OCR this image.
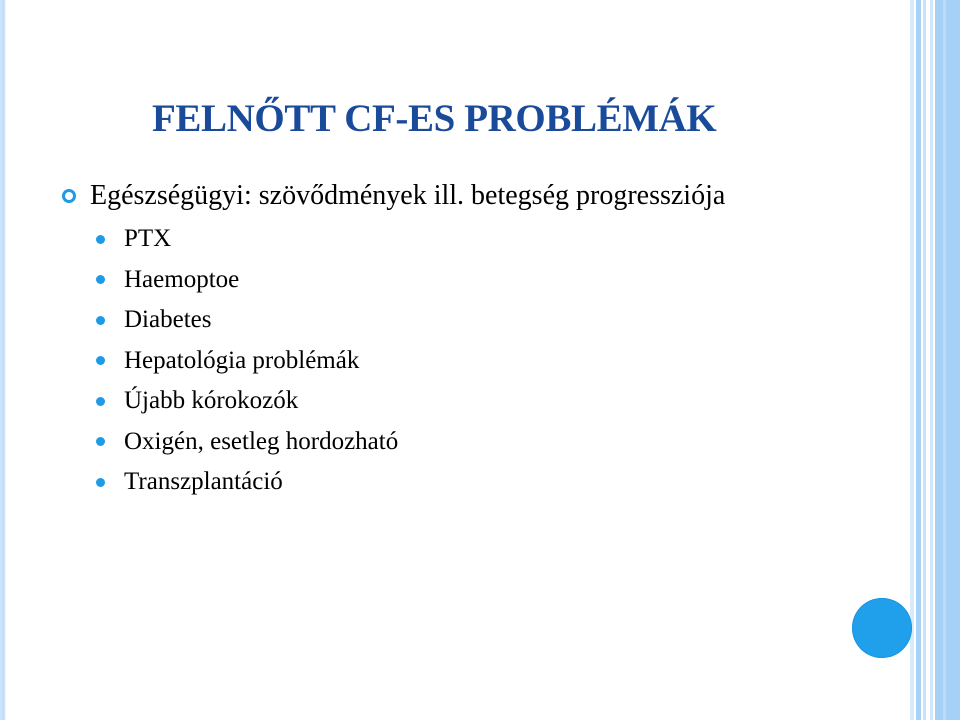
FELNŐTT CF-ES PROBLÉMÁK
Egészségügyi: szövődmények ill. betegség progressziója
PTX
Haemoptoe
Diabetes
Hepatológia problémák
Újabb kórokozók
Oxigén, esetleg hordozható
Transzplantáció
